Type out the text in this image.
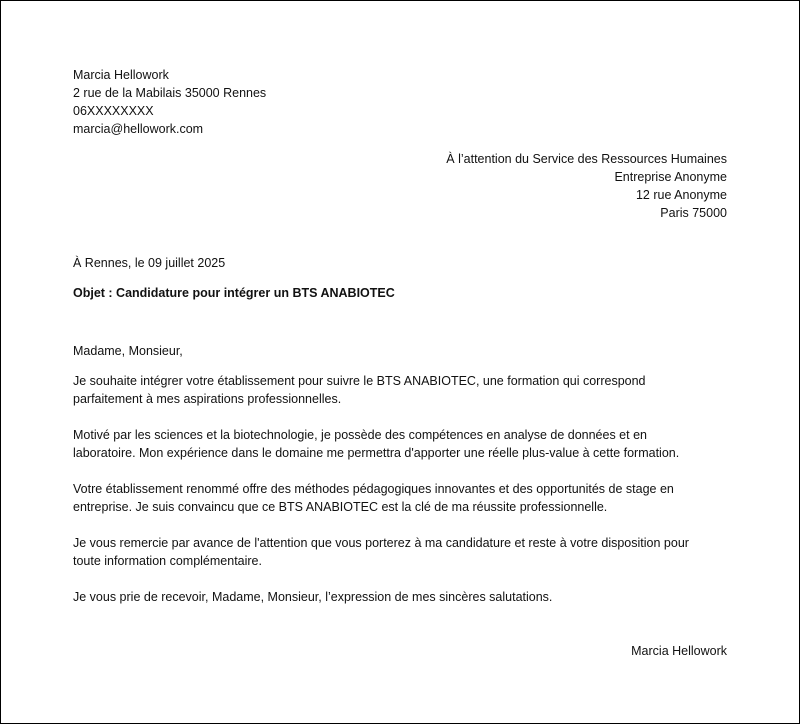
Marcia Hellowork
2 rue de la Mabilais 35000 Rennes
06XXXXXXXX
marcia@hellowork.com
À l’attention du Service des Ressources Humaines
Entreprise Anonyme
12 rue Anonyme
Paris 75000
À Rennes, le 09 juillet 2025
Objet : Candidature pour intégrer un BTS ANABIOTEC
Madame, Monsieur,
Je souhaite intégrer votre établissement pour suivre le BTS ANABIOTEC, une formation qui correspond
parfaitement à mes aspirations professionnelles.
Motivé par les sciences et la biotechnologie, je possède des compétences en analyse de données et en
laboratoire. Mon expérience dans le domaine me permettra d'apporter une réelle plus-value à cette formation.
Votre établissement renommé offre des méthodes pédagogiques innovantes et des opportunités de stage en
entreprise. Je suis convaincu que ce BTS ANABIOTEC est la clé de ma réussite professionnelle.
Je vous remercie par avance de l'attention que vous porterez à ma candidature et reste à votre disposition pour
toute information complémentaire.
Je vous prie de recevoir, Madame, Monsieur, l’expression de mes sincères salutations.
Marcia Hellowork
